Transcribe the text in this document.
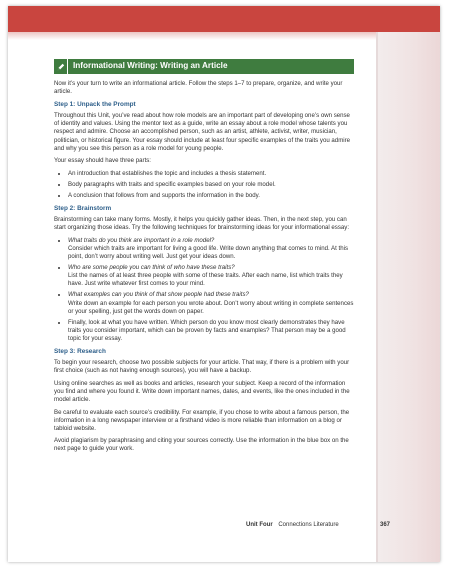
Informational Writing: Writing an Article

Now it’s your turn to write an informational article. Follow the steps 1–7 to prepare, organize, and write your article.

Step 1: Unpack the Prompt

Throughout this Unit, you’ve read about how role models are an important part of developing one’s own sense of identity and values. Using the mentor text as a guide, write an essay about a role model whose talents you respect and admire. Choose an accomplished person, such as an artist, athlete, activist, writer, musician, politician, or historical figure. Your essay should include at least four specific examples of the traits you admire and why you see this person as a role model for young people.

Your essay should have three parts:

• An introduction that establishes the topic and includes a thesis statement.
• Body paragraphs with traits and specific examples based on your role model.
• A conclusion that follows from and supports the information in the body.
Step 2: Brainstorm

Brainstorming can take many forms. Mostly, it helps you quickly gather ideas. Then, in the next step, you can start organizing those ideas. Try the following techniques for brainstorming ideas for your informational essay:

• What traits do you think are important in a role model?
Consider which traits are important for living a good life. Write down anything that comes to mind. At this point, don’t worry about writing well. Just get your ideas down.
• Who are some people you can think of who have these traits?
List the names of at least three people with some of these traits. After each name, list which traits they have. Just write whatever first comes to your mind.
• What examples can you think of that show people had these traits?
Write down an example for each person you wrote about. Don’t worry about writing in complete sentences or your spelling, just get the words down on paper.
• Finally, look at what you have written. Which person do you know most clearly demonstrates they have traits you consider important, which can be proven by facts and examples? That person may be a good topic for your essay.
Step 3: Research

To begin your research, choose two possible subjects for your article. That way, if there is a problem with your first choice (such as not having enough sources), you will have a backup.

Using online searches as well as books and articles, research your subject. Keep a record of the information you find and where you found it. Write down important names, dates, and events, like the ones included in the model article.

Be careful to evaluate each source’s credibility. For example, if you chose to write about a famous person, the information in a long newspaper interview or a firsthand video is more reliable than information on a blog or tabloid website.

Avoid plagiarism by paraphrasing and citing your sources correctly. Use the information in the blue box on the next page to guide your work.

Unit Four Connections Literature	367
